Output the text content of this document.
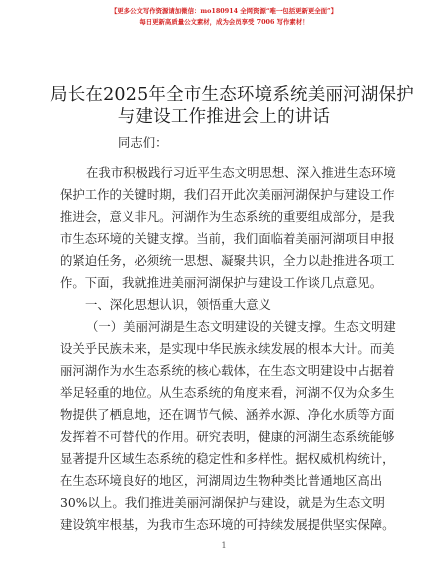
【更多公文写作资源请加微信：mo180914 全网资源“唯一包括更新更全面”】
每日更新高质量公文素材，成为会员享受 7006 写作素材！
局长在2025年全市生态环境系统美丽河湖保护
与建设工作推进会上的讲话

同志们：

在我市积极践行习近平生态文明思想、深入推进生态环境
保护工作的关键时期，我们召开此次美丽河湖保护与建设工作
推进会，意义非凡。河湖作为生态系统的重要组成部分，是我
市生态环境的关键支撑。当前，我们面临着美丽河湖项目申报
的紧迫任务，必须统一思想、凝聚共识，全力以赴推进各项工
作。下面，我就推进美丽河湖保护与建设工作谈几点意见。

一、深化思想认识，领悟重大意义

（一）美丽河湖是生态文明建设的关键支撑。生态文明建
设关乎民族未来，是实现中华民族永续发展的根本大计。而美
丽河湖作为水生态系统的核心载体，在生态文明建设中占据着
举足轻重的地位。从生态系统的角度来看，河湖不仅为众多生
物提供了栖息地，还在调节气候、涵养水源、净化水质等方面
发挥着不可替代的作用。研究表明，健康的河湖生态系统能够
显著提升区域生态系统的稳定性和多样性。据权威机构统计，
在生态环境良好的地区，河湖周边生物种类比普通地区高出
30%以上。我们推进美丽河湖保护与建设，就是为生态文明
建设筑牢根基，为我市生态环境的可持续发展提供坚实保障。

1
